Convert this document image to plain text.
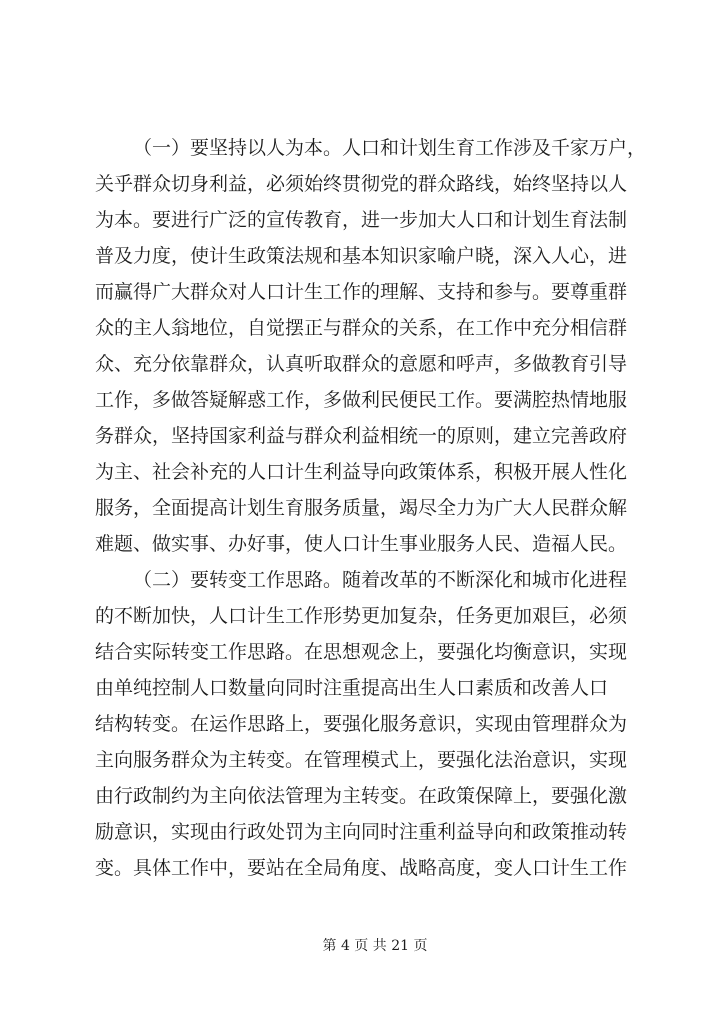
（一）要坚持以人为本。人口和计划生育工作涉及千家万户，
关乎群众切身利益，必须始终贯彻党的群众路线，始终坚持以人
为本。要进行广泛的宣传教育，进一步加大人口和计划生育法制
普及力度，使计生政策法规和基本知识家喻户晓，深入人心，进
而赢得广大群众对人口计生工作的理解、支持和参与。要尊重群
众的主人翁地位，自觉摆正与群众的关系，在工作中充分相信群
众、充分依靠群众，认真听取群众的意愿和呼声，多做教育引导
工作，多做答疑解惑工作，多做利民便民工作。要满腔热情地服
务群众，坚持国家利益与群众利益相统一的原则，建立完善政府
为主、社会补充的人口计生利益导向政策体系，积极开展人性化
服务，全面提高计划生育服务质量，竭尽全力为广大人民群众解
难题、做实事、办好事，使人口计生事业服务人民、造福人民。
（二）要转变工作思路。随着改革的不断深化和城市化进程
的不断加快，人口计生工作形势更加复杂，任务更加艰巨，必须
结合实际转变工作思路。在思想观念上，要强化均衡意识，实现
由单纯控制人口数量向同时注重提高出生人口素质和改善人口
结构转变。在运作思路上，要强化服务意识，实现由管理群众为
主向服务群众为主转变。在管理模式上，要强化法治意识，实现
由行政制约为主向依法管理为主转变。在政策保障上，要强化激
励意识，实现由行政处罚为主向同时注重利益导向和政策推动转
变。具体工作中，要站在全局角度、战略高度，变人口计生工作
第 4 页 共 21 页
